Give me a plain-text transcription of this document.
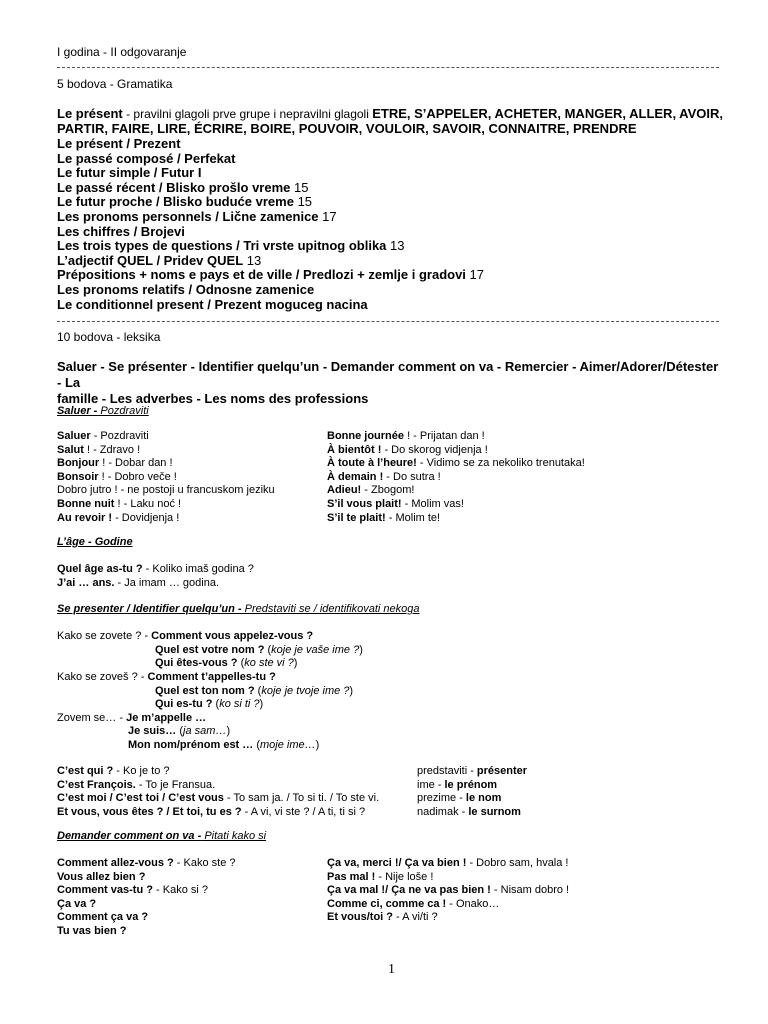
I godina - II odgovaranje
5 bodova - Gramatika
Le présent - pravilni glagoli prve grupe i nepravilni glagoli ETRE, S’APPELER, ACHETER, MANGER, ALLER, AVOIR,
PARTIR, FAIRE, LIRE, ÉCRIRE, BOIRE, POUVOIR, VOULOIR, SAVOIR, CONNAITRE, PRENDRE
Le présent / Prezent
Le passé composé / Perfekat
Le futur simple / Futur I
Le passé récent / Blisko prošlo vreme 15
Le futur proche / Blisko buduće vreme 15
Les pronoms personnels / Lične zamenice 17
Les chiffres / Brojevi
Les trois types de questions / Tri vrste upitnog oblika 13
L’adjectif QUEL / Pridev QUEL 13
Prépositions + noms e pays et de ville / Predlozi + zemlje i gradovi 17
Les pronoms relatifs / Odnosne zamenice
Le conditionnel present / Prezent moguceg nacina
10 bodova - leksika
Saluer - Se présenter - Identifier quelqu’un - Demander comment on va - Remercier - Aimer/Adorer/Détester - La
famille - Les adverbes - Les noms des professions
Saluer - Pozdraviti
Saluer - Pozdraviti
Salut ! - Zdravo !
Bonjour ! - Dobar dan !
Bonsoir ! - Dobro veče !
Dobro jutro ! - ne postoji u francuskom jeziku
Bonne nuit ! - Laku noć !
Au revoir ! - Dovidjenja !
Bonne journée ! - Prijatan dan !
À bientôt ! - Do skorog vidjenja !
À toute à l’heure! - Vidimo se za nekoliko trenutaka!
À demain ! - Do sutra !
Adieu! - Zbogom!
S’il vous plait! - Molim vas!
S’il te plait! - Molim te!
L’âge - Godine
Quel âge as-tu ? - Koliko imaš godina ?
J’ai … ans. - Ja imam … godina.
Se presenter / Identifier quelqu’un - Predstaviti se / identifikovati nekoga
Kako se zovete ? - Comment vous appelez-vous ?
Quel est votre nom ? (koje je vaše ime ?)
Qui êtes-vous ? (ko ste vi ?)
Kako se zoveš ? - Comment t’appelles-tu ?
Quel est ton nom ? (koje je tvoje ime ?)
Qui es-tu ? (ko si ti ?)
Zovem se… - Je m’appelle …
Je suis… (ja sam…)
Mon nom/prénom est … (moje ime…)
C’est qui ? - Ko je to ?
C’est François. - To je Fransua.
C’est moi / C’est toi / C’est vous - To sam ja. / To si ti. / To ste vi.
Et vous, vous êtes ? / Et toi, tu es ? - A vi, vi ste ? / A ti, ti si ?
predstaviti - présenter
ime - le prénom
prezime - le nom
nadimak - le surnom
Demander comment on va - Pitati kako si
Comment allez-vous ? - Kako ste ?
Vous allez bien ?
Comment vas-tu ? - Kako si ?
Ça va ?
Comment ça va ?
Tu vas bien ?
Ça va, merci !/ Ça va bien ! - Dobro sam, hvala !
Pas mal ! - Nije loše !
Ça va mal !/ Ça ne va pas bien ! - Nisam dobro !
Comme ci, comme ca ! - Onako…
Et vous/toi ? - A vi/ti ?
1
